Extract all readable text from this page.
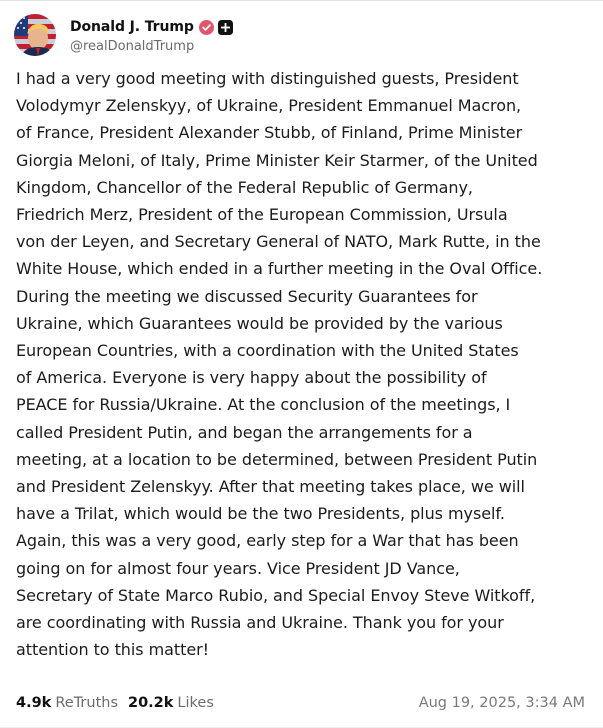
Donald J. Trump
@realDonaldTrump
I had a very good meeting with distinguished guests, President
Volodymyr Zelenskyy, of Ukraine, President Emmanuel Macron,
of France, President Alexander Stubb, of Finland, Prime Minister
Giorgia Meloni, of Italy, Prime Minister Keir Starmer, of the United
Kingdom, Chancellor of the Federal Republic of Germany,
Friedrich Merz, President of the European Commission, Ursula
von der Leyen, and Secretary General of NATO, Mark Rutte, in the
White House, which ended in a further meeting in the Oval Office.
During the meeting we discussed Security Guarantees for
Ukraine, which Guarantees would be provided by the various
European Countries, with a coordination with the United States
of America. Everyone is very happy about the possibility of
PEACE for Russia/Ukraine. At the conclusion of the meetings, I
called President Putin, and began the arrangements for a
meeting, at a location to be determined, between President Putin
and President Zelenskyy. After that meeting takes place, we will
have a Trilat, which would be the two Presidents, plus myself.
Again, this was a very good, early step for a War that has been
going on for almost four years. Vice President JD Vance,
Secretary of State Marco Rubio, and Special Envoy Steve Witkoff,
are coordinating with Russia and Ukraine. Thank you for your
attention to this matter!
4.9k ReTruths 20.2k Likes	Aug 19, 2025, 3:34 AM
